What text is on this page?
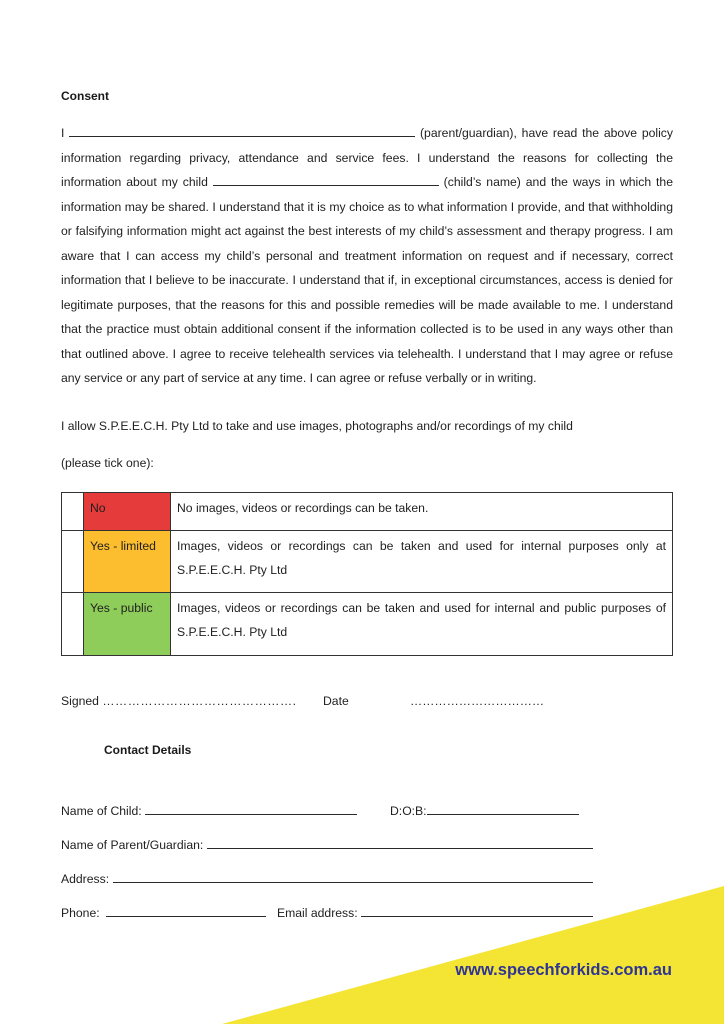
Consent

I	(parent/guardian), have read the above policy information regarding privacy, attendance and service fees. I understand the reasons for collecting the information about my child	(child’s name) and the ways in which the information may be shared. I understand that it is my choice as to what information I provide, and that withholding or falsifying information might act against the best interests of my child’s assessment and therapy progress. I am aware that I can access my child’s personal and treatment information on request and if necessary, correct information that I believe to be inaccurate. I understand that if, in exceptional circumstances, access is denied for legitimate purposes, that the reasons for this and possible remedies will be made available to me. I understand that the practice must obtain additional consent if the information collected is to be used in any ways other than that outlined above. I agree to receive telehealth services via telehealth. I understand that I may agree or refuse any service or any part of service at any time. I can agree or refuse verbally or in writing.

I allow S.P.E.E.C.H. Pty Ltd to take and use images, photographs and/or recordings of my child
(please tick one):
	No	No images, videos or recordings can be taken.
	Yes - limited	Images, videos or recordings can be taken and used for internal purposes only at S.P.E.E.C.H. Pty Ltd
	Yes - public	Images, videos or recordings can be taken and used for internal and public purposes of S.P.E.E.C.H. Pty Ltd
Signed ………………………………………. Date	……………………………
Contact Details
Name of Child:	D:O:B:
Name of Parent/Guardian:
Address:
Phone:	Email address:
www.speechforkids.com.au
